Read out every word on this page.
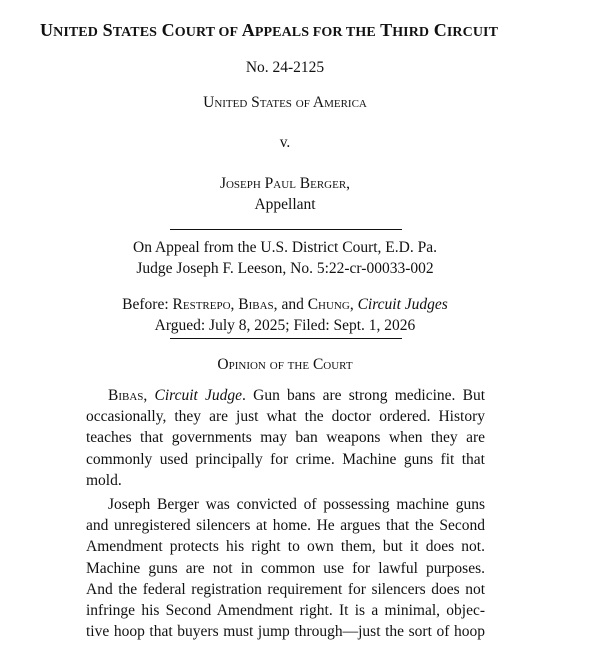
UNITED STATES COURT OF APPEALS FOR THE THIRD CIRCUIT
No. 24-2125
United States of America
v.
Joseph Paul Berger,
Appellant
On Appeal from the U.S. District Court, E.D. Pa.
Judge Joseph F. Leeson, No. 5:22-cr-00033-002
Before: Restrepo, Bibas, and Chung, Circuit Judges
Argued: July 8, 2025; Filed: Sept. 1, 2026
Opinion of the Court
Bibas, Circuit Judge. Gun bans are strong medicine. But
occasionally, they are just what the doctor ordered. History
teaches that governments may ban weapons when they are
commonly used principally for crime. Machine guns fit that
mold.
Joseph Berger was convicted of possessing machine guns
and unregistered silencers at home. He argues that the Second
Amendment protects his right to own them, but it does not.
Machine guns are not in common use for lawful purposes.
And the federal registration requirement for silencers does not
infringe his Second Amendment right. It is a minimal, objec-
tive hoop that buyers must jump through—just the sort of hoop
